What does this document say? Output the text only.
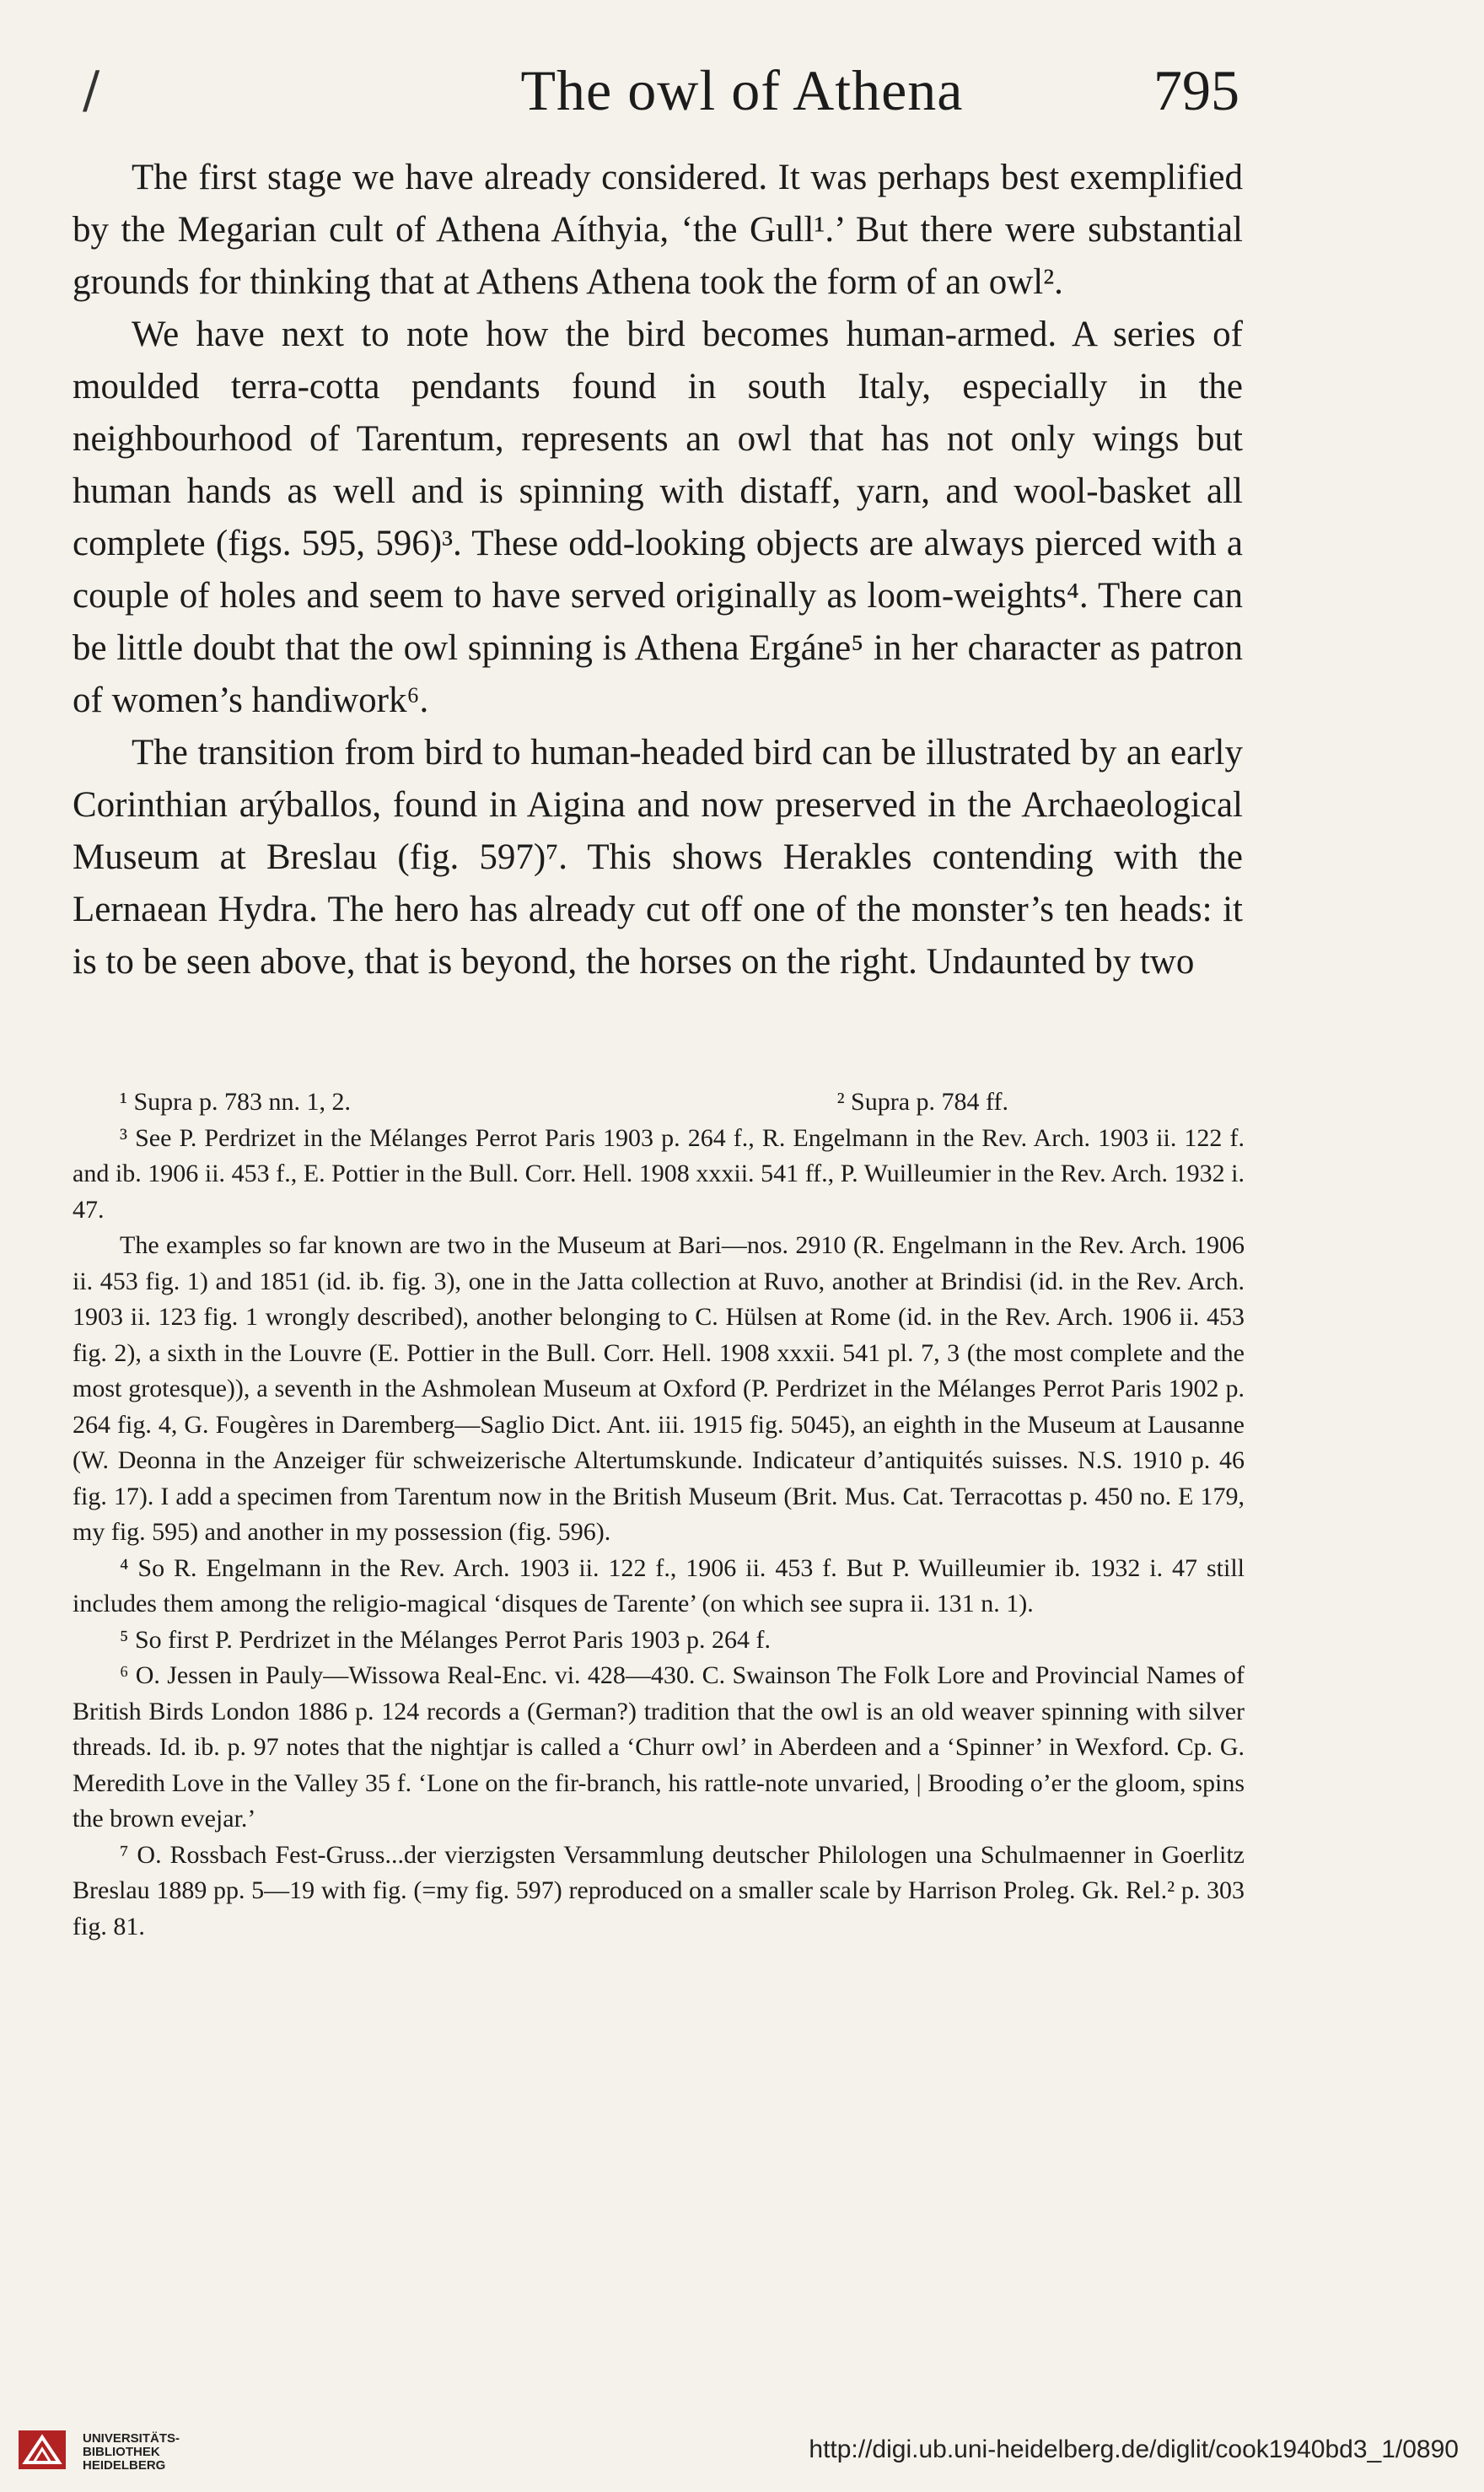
/	The owl of Athena	795

The first stage we have already considered. It was perhaps best exemplified by the Megarian cult of Athena Aíthyia, ‘the Gull¹.’ But there were substantial grounds for thinking that at Athens Athena took the form of an owl².

We have next to note how the bird becomes human-armed. A series of moulded terra-cotta pendants found in south Italy, especially in the neighbourhood of Tarentum, represents an owl that has not only wings but human hands as well and is spinning with distaff, yarn, and wool-basket all complete (figs. 595, 596)³. These odd-looking objects are always pierced with a couple of holes and seem to have served originally as loom-weights⁴. There can be little doubt that the owl spinning is Athena Ergáne⁵ in her character as patron of women’s handiwork⁶.

The transition from bird to human-headed bird can be illustrated by an early Corinthian arýballos, found in Aigina and now preserved in the Archaeological Museum at Breslau (fig. 597)⁷. This shows Herakles contending with the Lernaean Hydra. The hero has already cut off one of the monster’s ten heads: it is to be seen above, that is beyond, the horses on the right. Undaunted by two

¹ Supra p. 783 nn. 1, 2.	² Supra p. 784 ff.

³ See P. Perdrizet in the Mélanges Perrot Paris 1903 p. 264 f., R. Engelmann in the Rev. Arch. 1903 ii. 122 f. and ib. 1906 ii. 453 f., E. Pottier in the Bull. Corr. Hell. 1908 xxxii. 541 ff., P. Wuilleumier in the Rev. Arch. 1932 i. 47.

The examples so far known are two in the Museum at Bari—nos. 2910 (R. Engelmann in the Rev. Arch. 1906 ii. 453 fig. 1) and 1851 (id. ib. fig. 3), one in the Jatta collection at Ruvo, another at Brindisi (id. in the Rev. Arch. 1903 ii. 123 fig. 1 wrongly described), another belonging to C. Hülsen at Rome (id. in the Rev. Arch. 1906 ii. 453 fig. 2), a sixth in the Louvre (E. Pottier in the Bull. Corr. Hell. 1908 xxxii. 541 pl. 7, 3 (the most complete and the most grotesque)), a seventh in the Ashmolean Museum at Oxford (P. Perdrizet in the Mélanges Perrot Paris 1902 p. 264 fig. 4, G. Fougères in Daremberg—Saglio Dict. Ant. iii. 1915 fig. 5045), an eighth in the Museum at Lausanne (W. Deonna in the Anzeiger für schweizerische Altertumskunde. Indicateur d’antiquités suisses. N.S. 1910 p. 46 fig. 17). I add a specimen from Tarentum now in the British Museum (Brit. Mus. Cat. Terracottas p. 450 no. E 179, my fig. 595) and another in my possession (fig. 596).

⁴ So R. Engelmann in the Rev. Arch. 1903 ii. 122 f., 1906 ii. 453 f. But P. Wuilleumier ib. 1932 i. 47 still includes them among the religio-magical ‘disques de Tarente’ (on which see supra ii. 131 n. 1).

⁵ So first P. Perdrizet in the Mélanges Perrot Paris 1903 p. 264 f.

⁶ O. Jessen in Pauly—Wissowa Real-Enc. vi. 428—430. C. Swainson The Folk Lore and Provincial Names of British Birds London 1886 p. 124 records a (German?) tradition that the owl is an old weaver spinning with silver threads. Id. ib. p. 97 notes that the nightjar is called a ‘Churr owl’ in Aberdeen and a ‘Spinner’ in Wexford. Cp. G. Meredith Love in the Valley 35 f. ‘Lone on the fir-branch, his rattle-note unvaried, | Brooding o’er the gloom, spins the brown evejar.’

⁷ O. Rossbach Fest-Gruss...der vierzigsten Versammlung deutscher Philologen una Schulmaenner in Goerlitz Breslau 1889 pp. 5—19 with fig. (=my fig. 597) reproduced on a smaller scale by Harrison Proleg. Gk. Rel.² p. 303 fig. 81.

UNIVERSITÄTS-
BIBLIOTHEK
HEIDELBERG
http://digi.ub.uni-heidelberg.de/diglit/cook1940bd3_1/0890
